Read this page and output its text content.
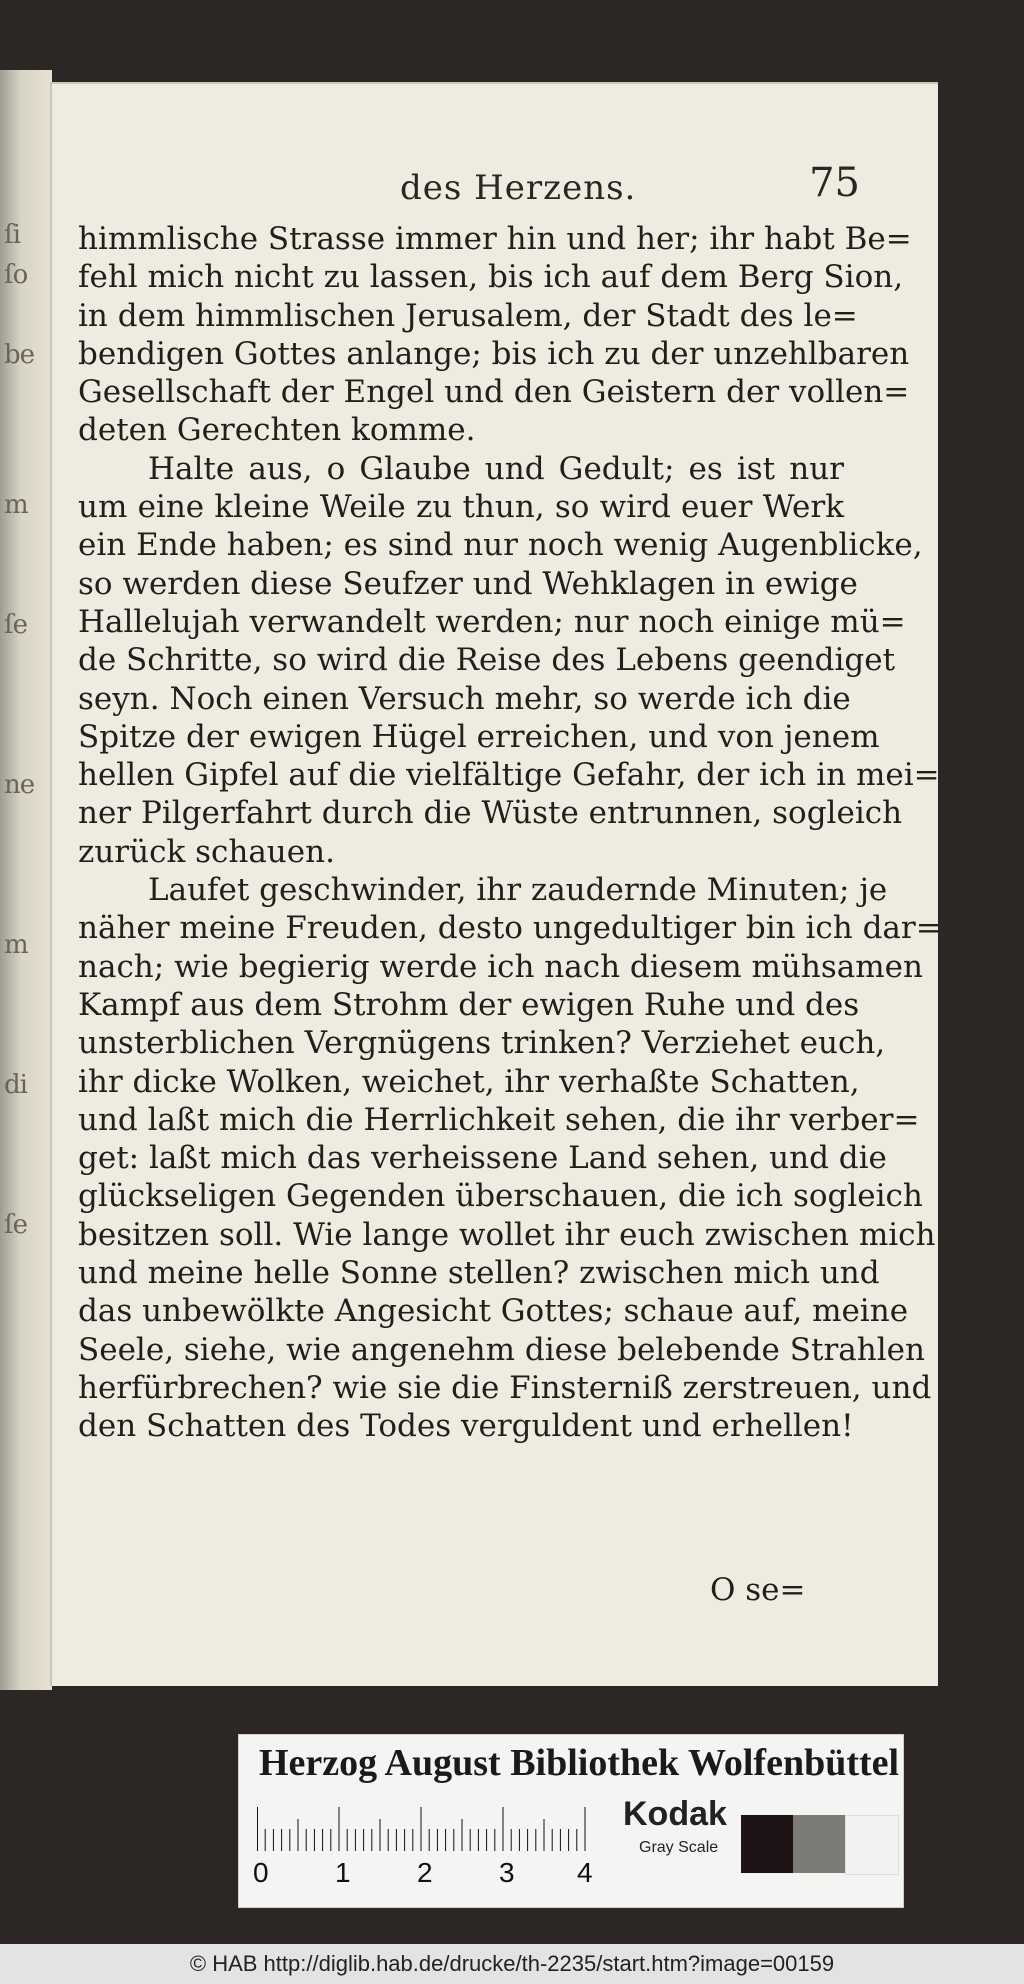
ſi
ſo
be
m
ſe
ne
m
di
ſe
des Herzens.	75
himmlische Strasse immer hin und her; ihr habt Be=
fehl mich nicht zu lassen, bis ich auf dem Berg Sion,
in dem himmlischen Jerusalem, der Stadt des le=
bendigen Gottes anlange; bis ich zu der unzehlbaren
Gesellschaft der Engel und den Geistern der vollen=
deten Gerechten komme.
Halte aus, o Glaube und Gedult; es ist nur
um eine kleine Weile zu thun, so wird euer Werk
ein Ende haben; es sind nur noch wenig Augenblicke,
so werden diese Seufzer und Wehklagen in ewige
Hallelujah verwandelt werden; nur noch einige mü=
de Schritte, so wird die Reise des Lebens geendiget
seyn. Noch einen Versuch mehr, so werde ich die
Spitze der ewigen Hügel erreichen, und von jenem
hellen Gipfel auf die vielfältige Gefahr, der ich in mei=
ner Pilgerfahrt durch die Wüste entrunnen, sogleich
zurück schauen.
Laufet geschwinder, ihr zaudernde Minuten; je
näher meine Freuden, desto ungedultiger bin ich dar=
nach; wie begierig werde ich nach diesem mühsamen
Kampf aus dem Strohm der ewigen Ruhe und des
unsterblichen Vergnügens trinken? Verziehet euch,
ihr dicke Wolken, weichet, ihr verhaßte Schatten,
und laßt mich die Herrlichkeit sehen, die ihr verber=
get: laßt mich das verheissene Land sehen, und die
glückseligen Gegenden überschauen, die ich sogleich
besitzen soll. Wie lange wollet ihr euch zwischen mich
und meine helle Sonne stellen? zwischen mich und
das unbewölkte Angesicht Gottes; schaue auf, meine
Seele, siehe, wie angenehm diese belebende Strahlen
herfürbrechen? wie sie die Finsterniß zerstreuen, und
den Schatten des Todes verguldent und erhellen!
O se=
Herzog August Bibliothek Wolfenbüttel
0 1 2 3 4
Kodak
Gray Scale
© HAB http://diglib.hab.de/drucke/th-2235/start.htm?image=00159
